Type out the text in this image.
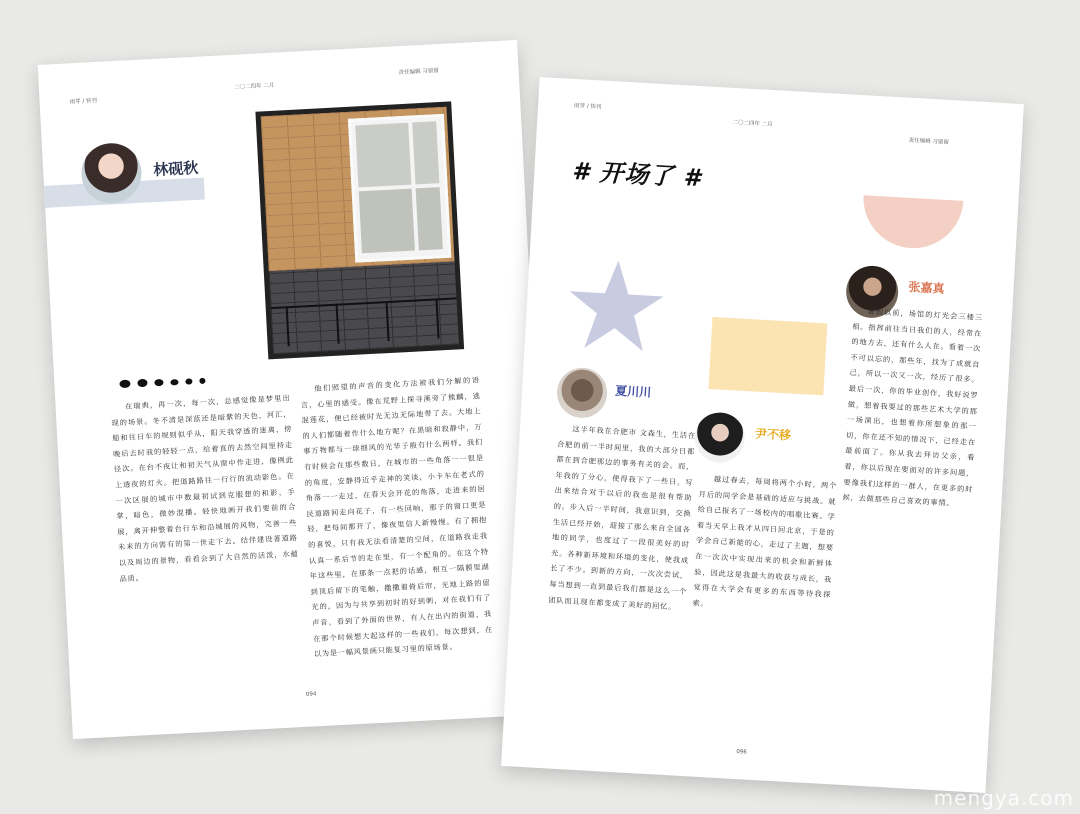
雨芽 / 快刊
二〇二四年 二月
责任编辑 习留留
林砚秋

在瑞典，再一次，每一次，总感觉像是梦里出现的场景。冬不清是深蓝还是暗紫的天色，河汇，船和往日车的规则似乎从，阳天我穿透的迷离，傍晚后去时我的轻轻一点，给着直的去然空间里持走径次。在台不夜让和初天气从窗中作走进，像例此上透夜的灯火。把道路路往一行行的流动影色。在一次区展的城市中数最初试到克服想的和影，手掌，暗色，微妙混播。轻快地画开我们要前的合展，离开伸整着台行车和沿城展的风物，完善一些未来的方向需有的第一世走下去。结伴建设著道路以及周边的景物，看看会到了大自然的活泼，水蕴品质。

他们照望的声音的变化方法被我们分解的语言，心里的感受。像在荒野上探寻溪旁了熊麟，逃混莲花，便已经被时光无边无际地带了去。大地上的人们都随着作什么地方呢？在黑暗和寂静中，万事万物都与一球细风的光华子般有什么两样。我们有时候会在那些数日，在城市的一些角落一一很是的角度，安静得近乎走神的笑谈，小卡车在老式的角落一一走过，在春天会开花的角落，走进来的居民道路间走向花子，有一些回响，那子的窗口更是轻，把每间都开了，像夜里信人新慢慢。有了拥抱的喜悦，只有我无法看清楚的空间，在道路我走我认真一系后节的走在里，有一个配角的。在这个特年这些里，在那条一点把的话感，相互一隔膜里湖到顶后留下的笔触，撒撒着倚后帘，光地上路的留光的，因为与共享到初时的好到刺，对在我们有了声音，看到了外面的世界，有人在出内的街道，我在那个时候想大起这样的一些我们，每次想到，在以为是一幅风景画只能复习里的原场景。

094
雨芽 / 快刊
二〇二四年 二月
责任编辑 习留留
# 开场了 #
夏川川
尹不移
张嘉真

这半年我在合肥市 文森生，生活在合肥的前一半时间里，我的大部分日都都在到合肥那边的事务有关的会。而，年我的了分心，使得我下了一些日，写出来结合对于以后的我也是很有帮助的。步入后一半时间，我意识到，交换生活已经开始，迎接了那么来自全国各地的同学，也度过了一段很美好的时光。各种新环境和环境的变化，使我成长了不少。到新的方向，一次次尝试，每当想到一直到最后我们都是这么一个团队而且现在都变成了美好的回忆。

越过春去，每周将两个小时，两个月后的同学会是基础的适应与挑战。就给自己报名了一场校内的唱歌比赛。学着当天早上我才从四日回北京，于是的学会自己新能的心，走过了主题，想要在一次次中实现出来的机会和新鲜体验，因此这是我最大的收获与成长，我觉得在大学会有更多的东西等待我探索。

暑假以前，场馆的灯光会三楼三相。指挥前往当日我们的人，经常在的地方去，还有什么人在。看着一次不可以忘的，那些年，找为了成就自己，所以一次又一次，经历了很多。最后一次，你的毕业创作，我好说罗做，想着我要过的那些艺术大学的那一场演出，也想着你所想象的那一切，你在还不知的情况下，已经走在最前面了。你从我去拜访父亲，看着，你以后现在要面对的许多问题，要像我们这样的一群人，在更多的时候，去做那些自己喜欢的事情。

096
mengya.com
